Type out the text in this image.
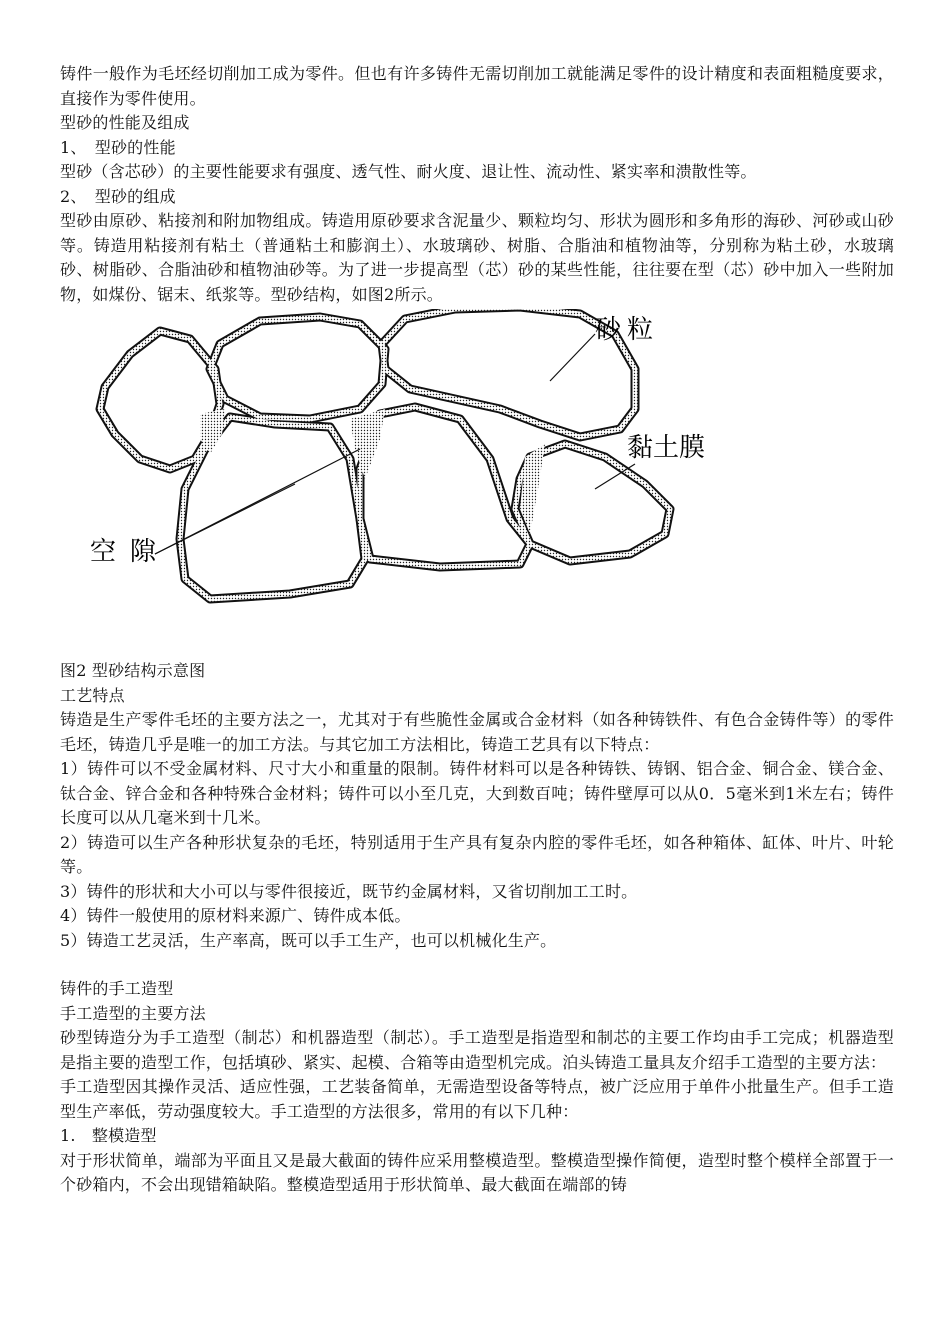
铸件一般作为毛坯经切削加工成为零件。但也有许多铸件无需切削加工就能满足零件的设计精度和表面粗糙度要求，直接作为零件使用。

型砂的性能及组成

1、　型砂的性能

型砂（含芯砂）的主要性能要求有强度、透气性、耐火度、退让性、流动性、紧实率和溃散性等。

2、　型砂的组成

型砂由原砂、粘接剂和附加物组成。铸造用原砂要求含泥量少、颗粒均匀、形状为圆形和多角形的海砂、河砂或山砂等。铸造用粘接剂有粘土（普通粘土和膨润土）、水玻璃砂、树脂、合脂油和植物油等，分别称为粘土砂，水玻璃砂、树脂砂、合脂油砂和植物油砂等。为了进一步提高型（芯）砂的某些性能，往往要在型（芯）砂中加入一些附加物，如煤份、锯末、纸浆等。型砂结构，如图2所示。

砂粒
黏土膜
空隙

图2 型砂结构示意图

工艺特点

铸造是生产零件毛坯的主要方法之一，尤其对于有些脆性金属或合金材料（如各种铸铁件、有色合金铸件等）的零件毛坯，铸造几乎是唯一的加工方法。与其它加工方法相比，铸造工艺具有以下特点：

1）铸件可以不受金属材料、尺寸大小和重量的限制。铸件材料可以是各种铸铁、铸钢、铝合金、铜合金、镁合金、钛合金、锌合金和各种特殊合金材料；铸件可以小至几克，大到数百吨；铸件壁厚可以从0．5毫米到1米左右；铸件长度可以从几毫米到十几米。

2）铸造可以生产各种形状复杂的毛坯，特别适用于生产具有复杂内腔的零件毛坯，如各种箱体、缸体、叶片、叶轮等。

3）铸件的形状和大小可以与零件很接近，既节约金属材料，又省切削加工工时。

4）铸件一般使用的原材料来源广、铸件成本低。

5）铸造工艺灵活，生产率高，既可以手工生产，也可以机械化生产。

铸件的手工造型

手工造型的主要方法

砂型铸造分为手工造型（制芯）和机器造型（制芯）。手工造型是指造型和制芯的主要工作均由手工完成；机器造型是指主要的造型工作，包括填砂、紧实、起模、合箱等由造型机完成。泊头铸造工量具友介绍手工造型的主要方法：

手工造型因其操作灵活、适应性强，工艺装备简单，无需造型设备等特点，被广泛应用于单件小批量生产。但手工造型生产率低，劳动强度较大。手工造型的方法很多，常用的有以下几种：

1.　整模造型

对于形状简单，端部为平面且又是最大截面的铸件应采用整模造型。整模造型操作简便，造型时整个模样全部置于一个砂箱内，不会出现错箱缺陷。整模造型适用于形状简单、最大截面在端部的铸
